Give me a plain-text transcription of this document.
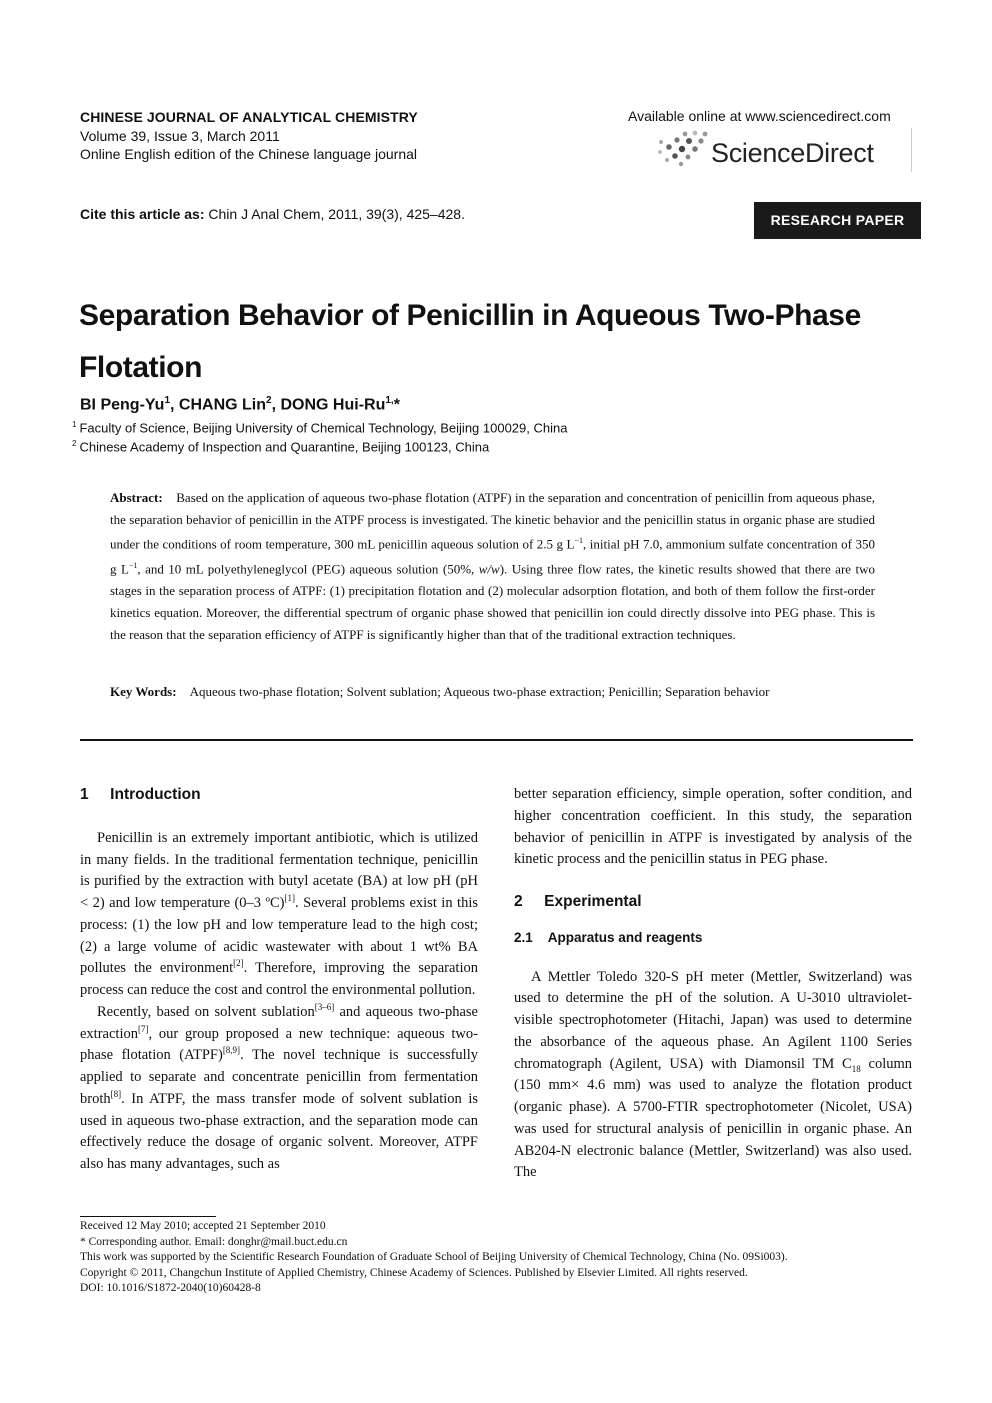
CHINESE JOURNAL OF ANALYTICAL CHEMISTRY
Volume 39, Issue 3, March 2011
Online English edition of the Chinese language journal
Available online at www.sciencedirect.com
ScienceDirect
Cite this article as: Chin J Anal Chem, 2011, 39(3), 425–428.	RESEARCH PAPER
Separation Behavior of Penicillin in Aqueous Two-Phase Flotation
BI Peng-Yu$^1$, CHANG Lin$^2$, DONG Hui-$Ru^{1,}*$
$^1$ Faculty of Science, Beijing University of Chemical Technology, Beijing 100029, China
$^2$ Chinese Academy of Inspection and Quarantine, Beijing 100123, China
Abstract: Based on the application of aqueous two-phase flotation (ATPF) in the separation and concentration of penicillin from aqueous phase, the separation behavior of penicillin in the ATPF process is investigated. The kinetic behavior and the penicillin status in organic phase are studied under the conditions of room temperature, 300 mL penicillin aqueous solution of 2.5 g $L^{-1}$, initial pH 7.0, ammonium sulfate concentration of 350 g $L^{-1}$, and 10 mL polyethyleneglycol (PEG) aqueous solution (50%, w/w). Using three flow rates, the kinetic results showed that there are two stages in the separation process of ATPF: (1) precipitation flotation and (2) molecular adsorption flotation, and both of them follow the first-order kinetics equation. Moreover, the differential spectrum of organic phase showed that penicillin ion could directly dissolve into PEG phase. This is the reason that the separation efficiency of ATPF is significantly higher than that of the traditional extraction techniques.
Key Words: Aqueous two-phase flotation; Solvent sublation; Aqueous two-phase extraction; Penicillin; Separation behavior
1 Introduction

Penicillin is an extremely important antibiotic, which is utilized in many fields. In the traditional fermentation technique, penicillin is purified by the extraction with butyl acetate (BA) at low pH (pH < 2) and low temperature (0–3 ºC)[1]. Several problems exist in this process: (1) the low pH and low temperature lead to the high cost; (2) a large volume of acidic wastewater with about 1 wt% BA pollutes the environment[2]. Therefore, improving the separation process can reduce the cost and control the environmental pollution.

Recently, based on solvent sublation[3–6] and aqueous two-phase extraction[7], our group proposed a new technique: aqueous two-phase flotation (ATPF)[8,9]. The novel technique is successfully applied to separate and concentrate penicillin from fermentation broth[8]. In ATPF, the mass transfer mode of solvent sublation is used in aqueous two-phase extraction, and the separation mode can effectively reduce the dosage of organic solvent. Moreover, ATPF also has many advantages, such as

better separation efficiency, simple operation, softer condition, and higher concentration coefficient. In this study, the separation behavior of penicillin in ATPF is investigated by analysis of the kinetic process and the penicillin status in PEG phase.

2 Experimental
2.1 Apparatus and reagents

A Mettler Toledo 320-S pH meter (Mettler, Switzerland) was used to determine the pH of the solution. A U-3010 ultraviolet-visible spectrophotometer (Hitachi, Japan) was used to determine the absorbance of the aqueous phase. An Agilent 1100 Series chromatograph (Agilent, USA) with Diamonsil TM $C_{18}$ column (150 mm× 4.6 mm) was used to analyze the flotation product (organic phase). A 5700-FTIR spectrophotometer (Nicolet, USA) was used for structural analysis of penicillin in organic phase. An AB204-N electronic balance (Mettler, Switzerland) was also used. The

Received 12 May 2010; accepted 21 September 2010
* Corresponding author. Email: donghr@mail.buct.edu.cn
This work was supported by the Scientific Research Foundation of Graduate School of Beijing University of Chemical Technology, China (No. 09Si003).
Copyright © 2011, Changchun Institute of Applied Chemistry, Chinese Academy of Sciences. Published by Elsevier Limited. All rights reserved.
DOI: 10.1016/S1872-2040(10)60428-8
